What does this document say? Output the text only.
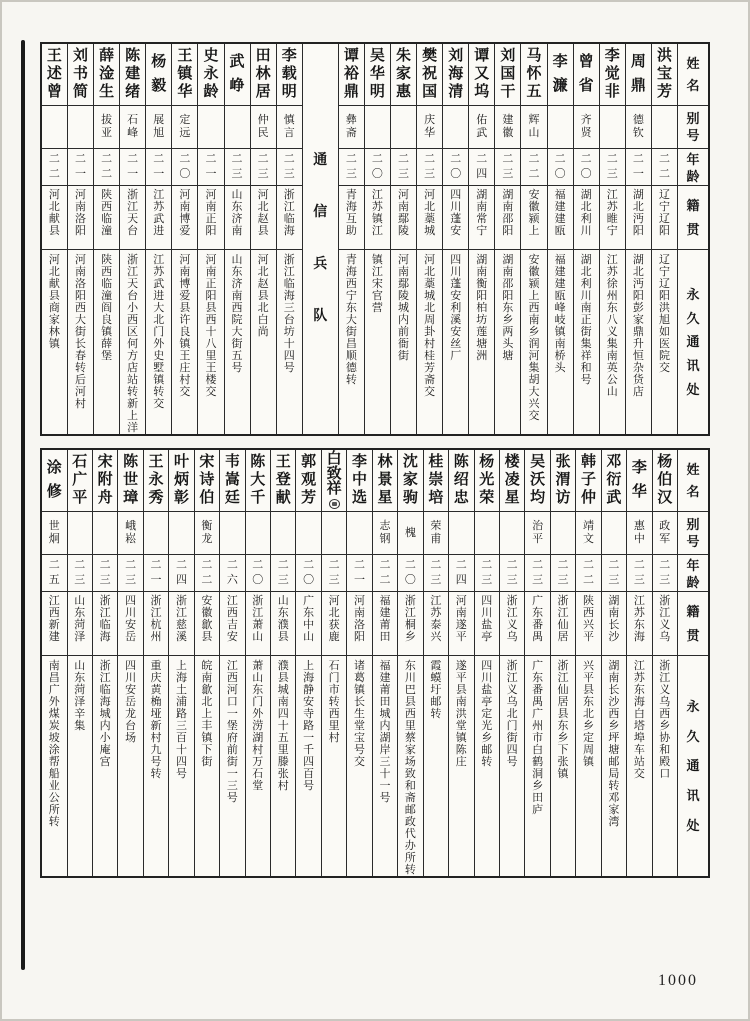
姓
名
别
号
年
龄
籍
贯
永
久
通
讯
处
洪
宝
芳
二
二
辽
宁
辽
阳
辽
宁
辽
阳
洪
旭
如
医
院
交
周
鼎
德
钦
二
一
湖
北
沔
阳
湖
北
沔
阳
彭
家
鼎
升
恒
杂
货
店
李
觉
非
二
三
江
苏
睢
宁
江
苏
徐
州
东
八
义
集
南
英
公
山
曾
省
齐
贤
二
〇
湖
北
利
川
湖
北
利
川
南
正
街
集
祥
和
号
李
濂
二
〇
福
建
建
瓯
福
建
建
瓯
峰
岐
镇
南
桥
头
马
怀
五
辉
山
二
二
安
徽
颍
上
安
徽
颍
上
西
南
乡
润
河
集
胡
大
兴
交
刘
国
干
建
徽
二
三
湖
南
邵
阳
湖
南
邵
阳
东
乡
两
头
塘
谭
又
坞
佑
武
二
四
湖
南
常
宁
湖
南
衡
阳
柏
坊
莲
塘
洲
刘
海
清
二
〇
四
川
蓬
安
四
川
蓬
安
利
溪
安
丝
厂
樊
祝
国
庆
华
二
三
河
北
藁
城
河
北
藁
城
北
周
卦
村
桂
芳
斋
交
朱
家
惠
二
三
河
南
鄢
陵
河
南
鄢
陵
城
内
前
衙
街
吴
华
明
二
〇
江
苏
镇
江
镇
江
宋
官
营
谭
裕
鼎
彝
斋
二
三
青
海
互
助
青
海
西
宁
东
大
街
昌
顺
德
转
通
信
兵
队
李
载
明
慎
言
二
三
浙
江
临
海
浙
江
临
海
三
台
坊
十
四
号
田
林
居
仲
民
二
三
河
北
赵
县
河
北
赵
县
北
白
尚
武
峥
二
三
山
东
济
南
山
东
济
南
西
院
大
街
五
号
史
永
龄
二
一
河
南
正
阳
河
南
正
阳
县
西
十
八
里
王
楼
交
王
镇
华
定
远
二
〇
河
南
博
爱
河
南
博
爱
县
许
良
镇
王
庄
村
交
杨
毅
展
旭
二
一
江
苏
武
进
江
苏
武
进
大
北
门
外
史
墅
镇
转
交
陈
建
绪
石
峰
二
一
浙
江
天
台
浙
江
天
台
小
西
区
何
方
店
站
转
新
上
洋
薛
淦
生
拔
亚
二
二
陕
西
临
潼
陕
西
临
潼
阎
良
镇
薛
堡
刘
书
简
二
一
河
南
洛
阳
河
南
洛
阳
西
大
街
长
春
转
后
河
村
王
述
曾
二
二
河
北
献
县
河
北
献
县
商
家
林
镇
姓
名
别
号
年
龄
籍
贯
永
久
通
讯
处
杨
伯
汉
政
军
二
三
浙
江
义
乌
浙
江
义
乌
西
乡
协
和
殿
口
李
华
惠
中
二
三
江
苏
东
海
江
苏
东
海
白
塔
埠
车
站
交
邓
衍
武
二
三
湖
南
长
沙
湖
南
长
沙
西
乡
坪
塘
邮
局
转
邓
家
湾
韩
子
仲
靖
文
二
二
陕
西
兴
平
兴
平
县
东
北
乡
定
周
镇
张
渭
访
二
三
浙
江
仙
居
浙
江
仙
居
县
东
乡
下
张
镇
吴
沃
均
治
平
二
三
广
东
番
禺
广
东
番
禺
广
州
市
白
鹤
洞
乡
田
庐
楼
凌
星
二
三
浙
江
义
乌
浙
江
义
乌
北
门
街
四
号
杨
光
荣
二
三
四
川
盐
亭
四
川
盐
亭
定
光
乡
邮
转
陈
绍
忠
二
四
河
南
遂
平
遂
平
县
南
洪
堂
镇
陈
庄
桂
崇
培
荣
甫
二
三
江
苏
泰
兴
霞
蟆
圩
邮
转
沈
家
驹
槐
二
〇
浙
江
桐
乡
东
川
巴
县
西
里
蔡
家
场
致
和
斋
邮
政
代
办
所
转
林
景
星
志
钢
二
二
福
建
莆
田
福
建
莆
田
城
内
湖
岸
三
十
一
号
李
中
选
二
一
河
南
洛
阳
诸
葛
镇
长
生
堂
宝
号
交
白
致
祥
二
三
河
北
获
鹿
石
门
市
转
西
里
村
郭
观
芳
二
〇
广
东
中
山
上
海
静
安
寺
路
一
千
四
百
号
王
登
献
二
三
山
东
濮
县
濮
县
城
南
四
十
五
里
滕
张
村
陈
大
千
二
〇
浙
江
萧
山
萧
山
东
门
外
涝
湖
村
万
石
堂
韦
嵩
廷
二
六
江
西
吉
安
江
西
河
口
一
堡
府
前
街
一
三
号
宋
诗
伯
衡
龙
二
二
安
徽
歙
县
皖
南
歙
北
上
丰
镇
下
街
叶
炳
彰
二
四
浙
江
慈
溪
上
海
土
浦
路
三
百
十
四
号
王
永
秀
二
一
浙
江
杭
州
重
庆
黄
桷
垭
新
村
九
号
转
陈
世
璋
峨
崧
二
三
四
川
安
岳
四
川
安
岳
龙
台
场
宋
附
舟
二
三
浙
江
临
海
浙
江
临
海
城
内
小
庵
宫
石
广
平
二
三
山
东
菏
泽
山
东
菏
泽
辛
集
涂
修
世
炯
二
五
江
西
新
建
南
昌
广
外
煤
炭
坡
涂
帮
船
业
公
所
转
1000
